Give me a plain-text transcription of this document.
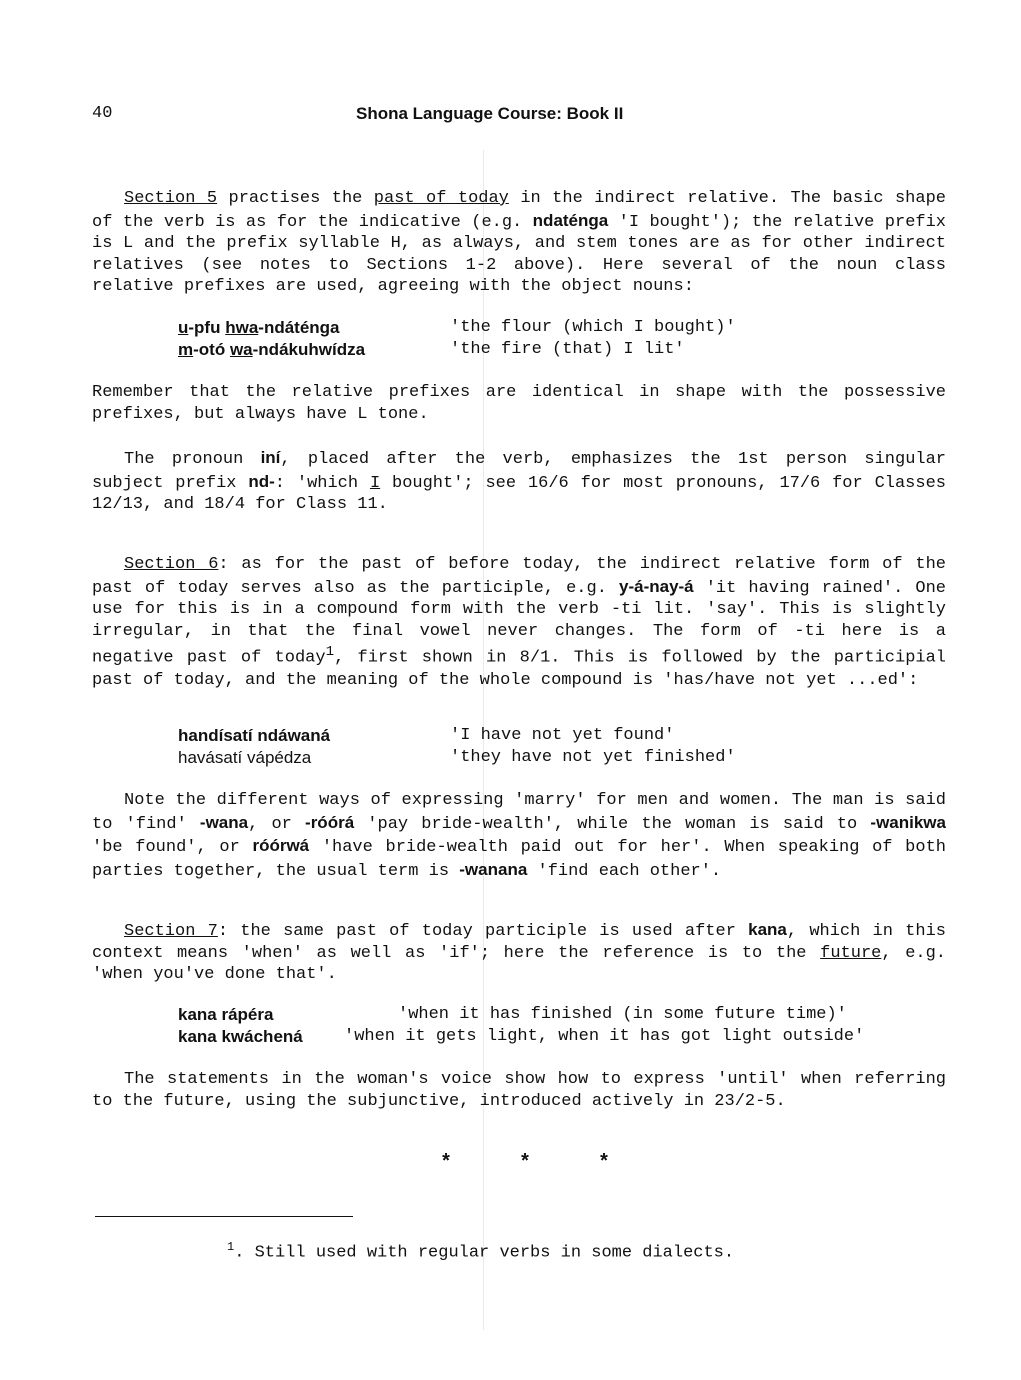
40	Shona Language Course: Book II

Section 5 practises the past of today in the indirect relative. The basic shape of the verb is as for the indicative (e.g. ndaténga 'I bought'); the relative prefix is L and the prefix syllable H, as always, and stem tones are as for other indirect relatives (see notes to Sections 1-2 above). Here several of the noun class relative prefixes are used, agreeing with the object nouns:

u-pfu hwa-ndáténga	'the flour (which I bought)'
m-otó wa-ndákuhwídza	'the fire (that) I lit'

Remember that the relative prefixes are identical in shape with the possessive prefixes, but always have L tone.

The pronoun iní, placed after the verb, emphasizes the 1st person singular subject prefix nd-: 'which I bought'; see 16/6 for most pronouns, 17/6 for Classes 12/13, and 18/4 for Class 11.

Section 6: as for the past of before today, the indirect relative form of the past of today serves also as the participle, e.g. y-á-nay-á 'it having rained'. One use for this is in a compound form with the verb -ti lit. 'say'. This is slightly irregular, in that the final vowel never changes. The form of -ti here is a negative past of today$^1$, first shown in 8/1. This is followed by the participial past of today, and the meaning of the whole compound is 'has/have not yet ...ed':

handísatí ndáwaná	'I have not yet found'
havásatí vápédza	'they have not yet finished'

Note the different ways of expressing 'marry' for men and women. The man is said to 'find' -wana, or -róórá 'pay bride-wealth', while the woman is said to -wanikwa 'be found', or róórwá 'have bride-wealth paid out for her'. When speaking of both parties together, the usual term is -wanana 'find each other'.

Section 7: the same past of today participle is used after kana, which in this context means 'when' as well as 'if'; here the reference is to the future, e.g. 'when you've done that'.

kana rápéra	'when it has finished (in some future time)'
kana kwáchená 'when it gets light, when it has got light outside'

The statements in the woman's voice show how to express 'until' when referring to the future, using the subjunctive, introduced actively in 23/2-5.

*	*	*
$^1$. Still used with regular verbs in some dialects.
